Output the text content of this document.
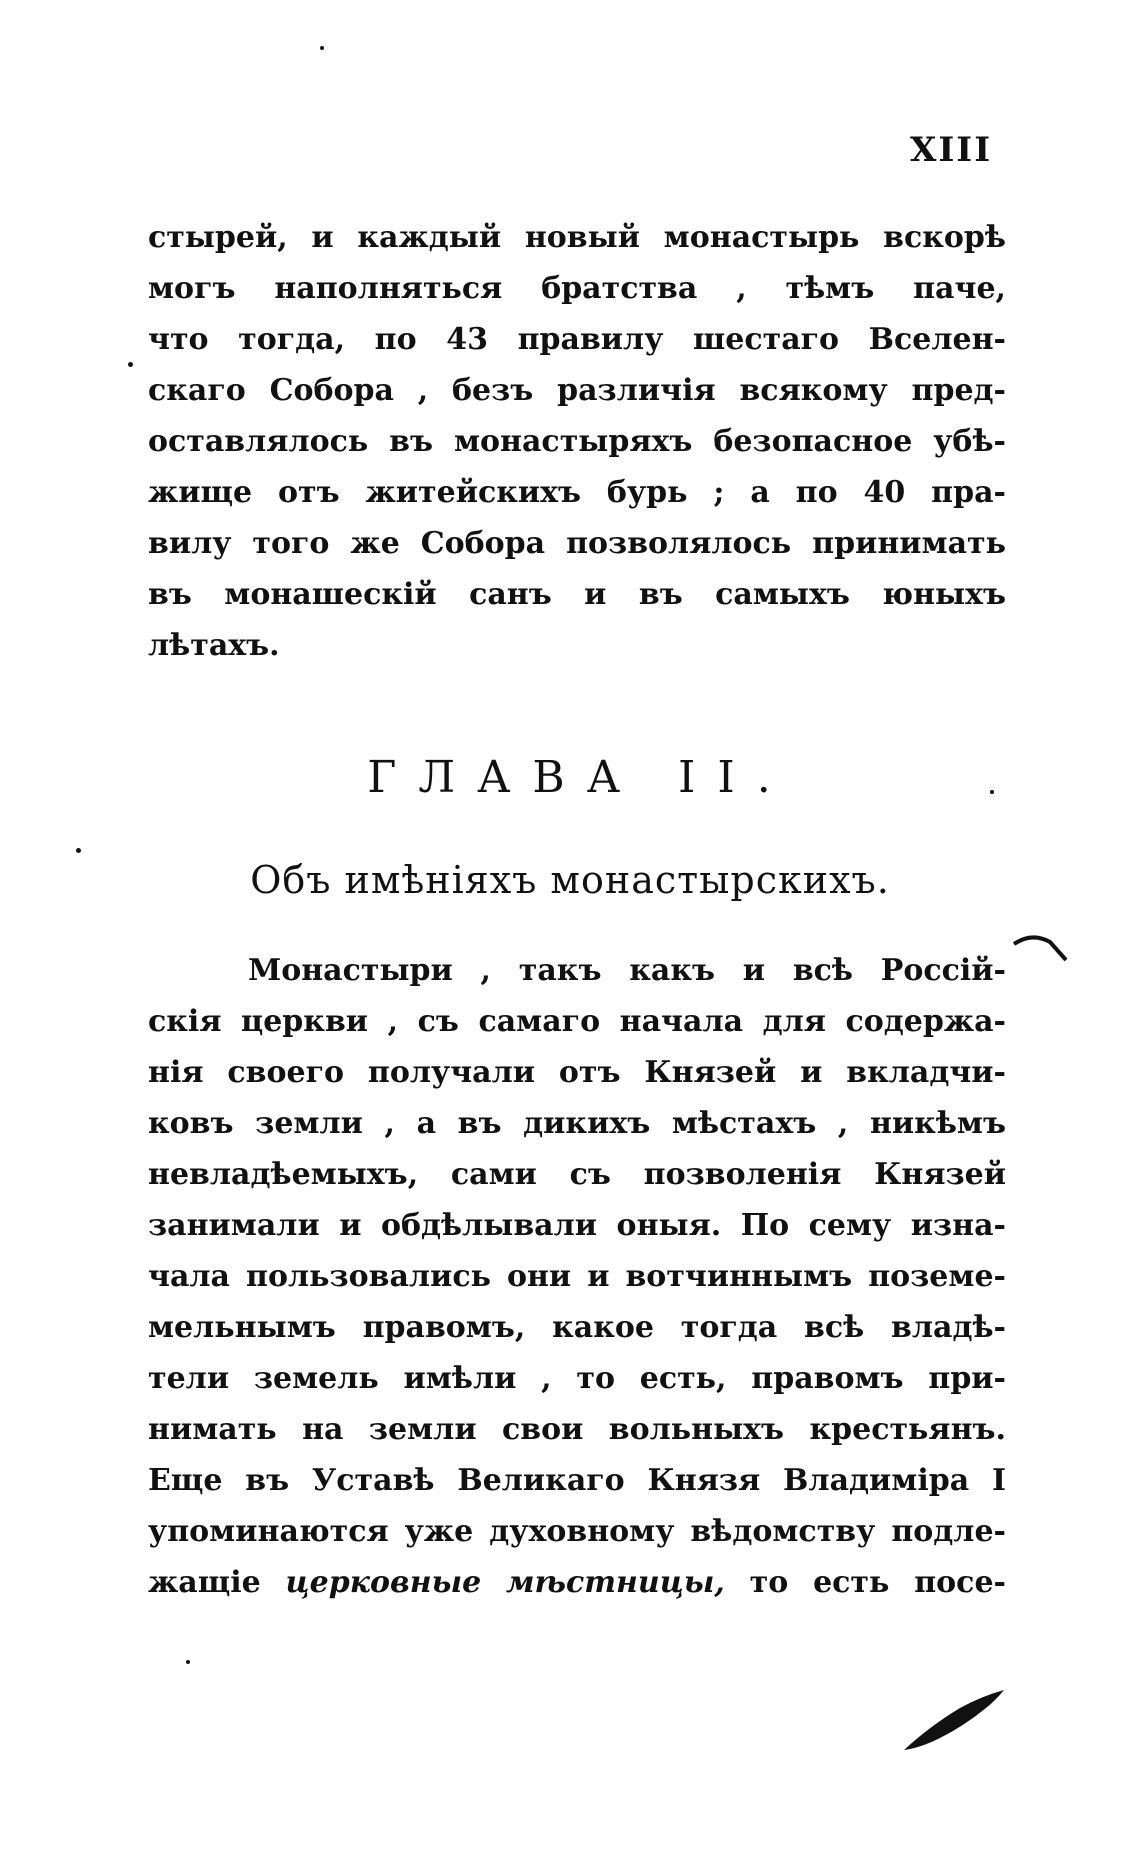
XIII
стырей, и каждый новый монастырь вскорѣ
могъ наполняться братства , тѣмъ паче,
что тогда, по 43 правилу шестаго Вселен-
скаго Собора , безъ различія всякому пред-
оставлялось въ монастыряхъ безопасное убѣ-
жище отъ житейскихъ бурь ; а по 40 пра-
вилу того же Собора позволялось принимать
въ монашескій санъ и въ самыхъ юныхъ
лѣтахъ.
ГЛАВА II.
Объ имѣніяхъ монастырскихъ.
Монастыри , такъ какъ и всѣ Россій-
скія церкви , съ самаго начала для содержа-
нія своего получали отъ Князей и вкладчи-
ковъ земли , а въ дикихъ мѣстахъ , никѣмъ
невладѣемыхъ, сами съ позволенія Князей
занимали и обдѣлывали оныя. По сему изна-
чала пользовались они и вотчиннымъ поземе-
мельнымъ правомъ, какое тогда всѣ владѣ-
тели земель имѣли , то есть, правомъ при-
нимать на земли свои вольныхъ крестьянъ.
Еще въ Уставѣ Великаго Князя Владиміра I
упоминаются уже духовному вѣдомству подле-
жащіе церковные мѣстницы, то есть посе-
